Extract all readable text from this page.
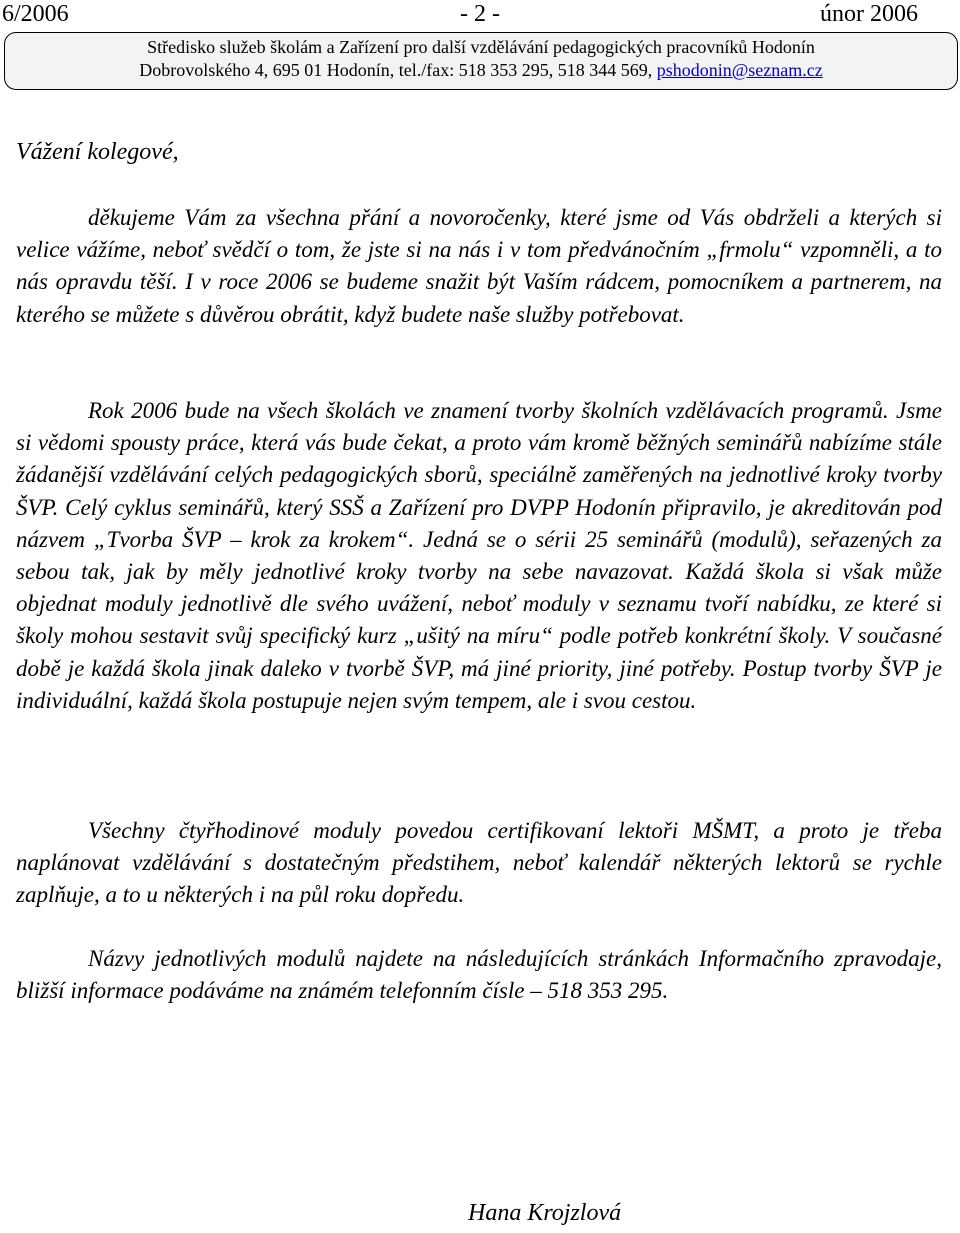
6/2006	- 2 -	únor 2006
Středisko služeb školám a Zařízení pro další vzdělávání pedagogických pracovníků Hodonín
Dobrovolského 4, 695 01 Hodonín, tel./fax: 518 353 295, 518 344 569, pshodonin@seznam.cz

Vážení kolegové,

děkujeme Vám za všechna přání a novoročenky, které jsme od Vás obdrželi a kterých si velice vážíme, neboť svědčí o tom, že jste si na nás i v tom předvánočním „frmolu“ vzpomněli, a to nás opravdu těší. I v roce 2006 se budeme snažit být Vaším rádcem, pomocníkem a partnerem, na kterého se můžete s důvěrou obrátit, když budete naše služby potřebovat.

Rok 2006 bude na všech školách ve znamení tvorby školních vzdělávacích programů. Jsme si vědomi spousty práce, která vás bude čekat, a proto vám kromě běžných seminářů nabízíme stále žádanější vzdělávání celých pedagogických sborů, speciálně zaměřených na jednotlivé kroky tvorby ŠVP. Celý cyklus seminářů, který SSŠ a Zařízení pro DVPP Hodonín připravilo, je akreditován pod názvem „Tvorba ŠVP – krok za krokem“. Jedná se o sérii 25 seminářů (modulů), seřazených za sebou tak, jak by měly jednotlivé kroky tvorby na sebe navazovat. Každá škola si však může objednat moduly jednotlivě dle svého uvážení, neboť moduly v seznamu tvoří nabídku, ze které si školy mohou sestavit svůj specifický kurz „ušitý na míru“ podle potřeb konkrétní školy. V současné době je každá škola jinak daleko v tvorbě ŠVP, má jiné priority, jiné potřeby. Postup tvorby ŠVP je individuální, každá škola postupuje nejen svým tempem, ale i svou cestou.

Všechny čtyřhodinové moduly povedou certifikovaní lektoři MŠMT, a proto je třeba naplánovat vzdělávání s dostatečným předstihem, neboť kalendář některých lektorů se rychle zaplňuje, a to u některých i na půl roku dopředu.

Názvy jednotlivých modulů najdete na následujících stránkách Informačního zpravodaje, bližší informace podáváme na známém telefonním čísle – 518 353 295.

Hana Krojzlová
